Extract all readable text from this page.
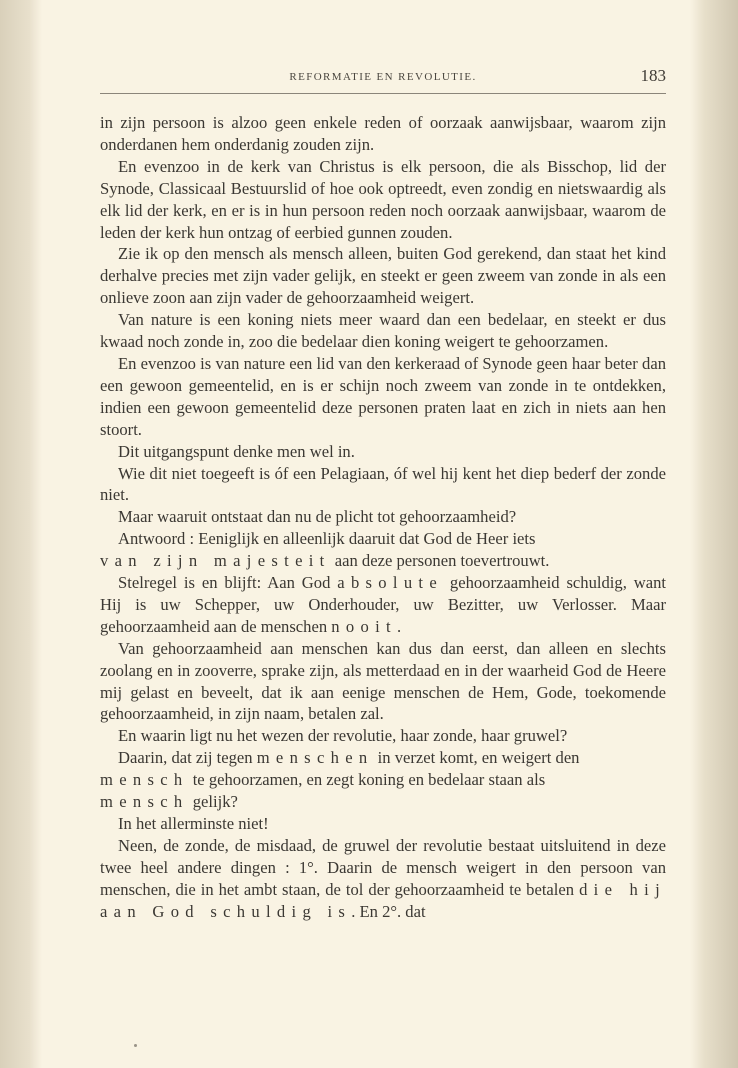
REFORMATIE EN REVOLUTIE.	183

in zijn persoon is alzoo geen enkele reden of oorzaak aanwijsbaar, waarom zijn onderdanen hem onderdanig zouden zijn.

En evenzoo in de kerk van Christus is elk persoon, die als Bisschop, lid der Synode, Classicaal Bestuurslid of hoe ook optreedt, even zondig en nietswaardig als elk lid der kerk, en er is in hun persoon reden noch oorzaak aanwijsbaar, waarom de leden der kerk hun ontzag of eerbied gunnen zouden.

Zie ik op den mensch als mensch alleen, buiten God gerekend, dan staat het kind derhalve precies met zijn vader gelijk, en steekt er geen zweem van zonde in als een onlieve zoon aan zijn vader de gehoorzaamheid weigert.

Van nature is een koning niets meer waard dan een bedelaar, en steekt er dus kwaad noch zonde in, zoo die bedelaar dien koning weigert te gehoorzamen.

En evenzoo is van nature een lid van den kerkeraad of Synode geen haar beter dan een gewoon gemeentelid, en is er schijn noch zweem van zonde in te ontdekken, indien een gewoon gemeentelid deze personen praten laat en zich in niets aan hen stoort.

Dit uitgangspunt denke men wel in.

Wie dit niet toegeeft is óf een Pelagiaan, óf wel hij kent het diep bederf der zonde niet.

Maar waaruit ontstaat dan nu de plicht tot gehoorzaamheid?

Antwoord : Eeniglijk en alleenlijk daaruit dat God de Heer iets
van zijn majesteit aan deze personen toevertrouwt.

Stelregel is en blijft: Aan God absolute gehoorzaamheid schuldig, want Hij is uw Schepper, uw Onderhouder, uw Bezitter, uw Verlosser. Maar gehoorzaamheid aan de menschen nooit.

Van gehoorzaamheid aan menschen kan dus dan eerst, dan alleen en slechts zoolang en in zooverre, sprake zijn, als metterdaad en in der waarheid God de Heere mij gelast en beveelt, dat ik aan eenige menschen de Hem, Gode, toekomende gehoorzaamheid, in zijn naam, betalen zal.

En waarin ligt nu het wezen der revolutie, haar zonde, haar gruwel?

Daarin, dat zij tegen menschen in verzet komt, en weigert den
mensch te gehoorzamen, en zegt koning en bedelaar staan als
mensch gelijk?

In het allerminste niet!

Neen, de zonde, de misdaad, de gruwel der revolutie bestaat uitsluitend in deze twee heel andere dingen : 1°. Daarin de mensch weigert in den persoon van menschen, die in het ambt staan, de tol der gehoorzaamheid te betalen die hij aan God schuldig is. En 2°. dat
